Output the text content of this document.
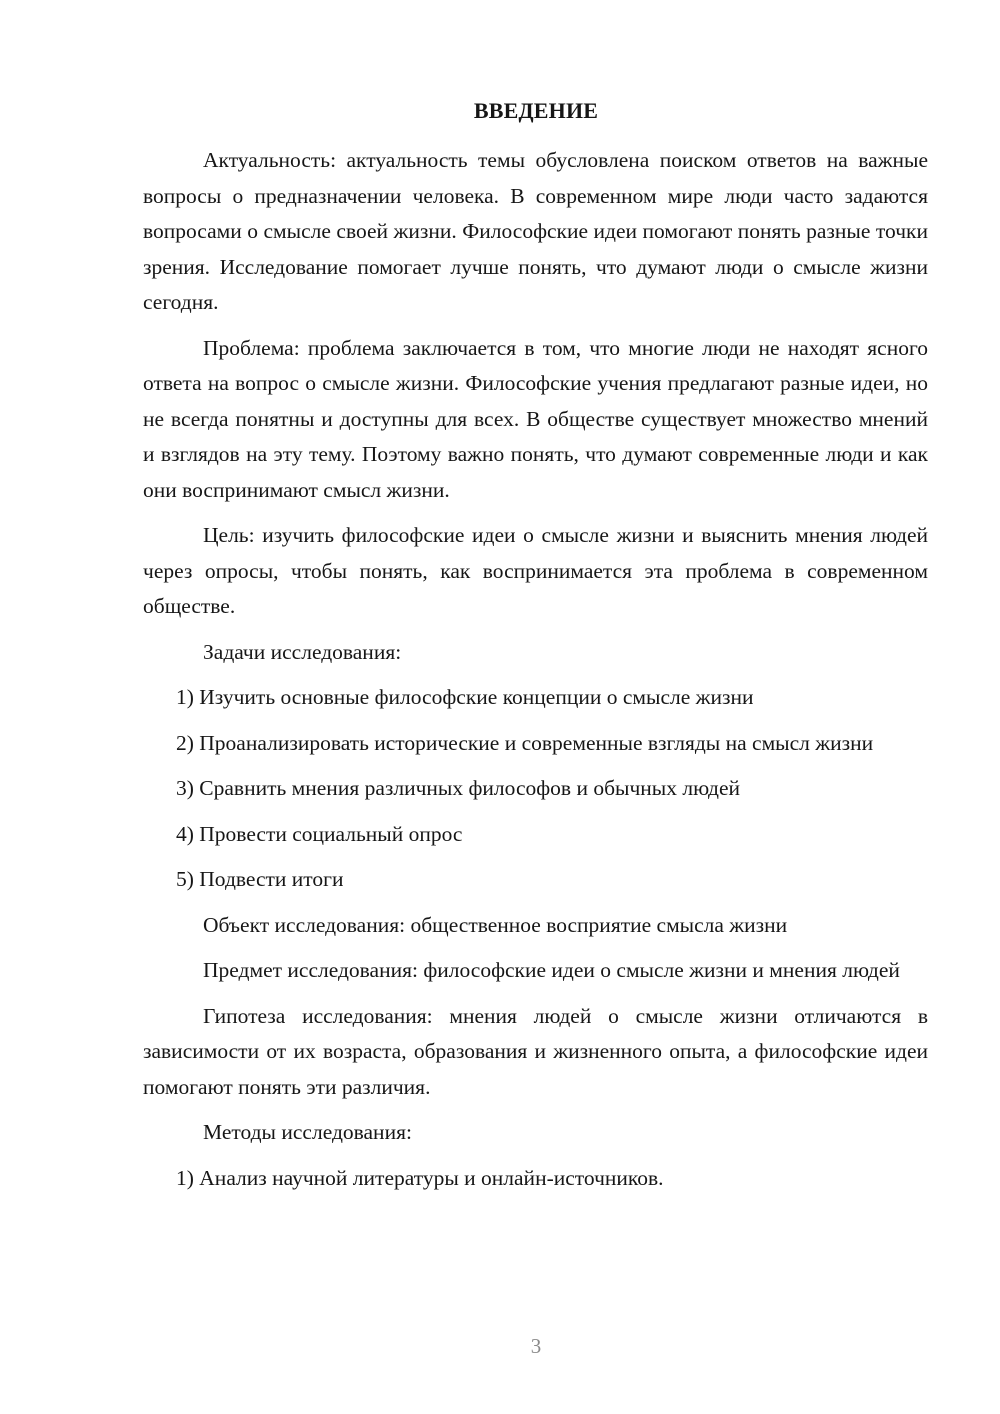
ВВЕДЕНИЕ

Актуальность: актуальность темы обусловлена поиском ответов на важные вопросы о предназначении человека. В современном мире люди часто задаются вопросами о смысле своей жизни. Философские идеи помогают понять разные точки зрения. Исследование помогает лучше понять, что думают люди о смысле жизни сегодня.

Проблема: проблема заключается в том, что многие люди не находят ясного ответа на вопрос о смысле жизни. Философские учения предлагают разные идеи, но не всегда понятны и доступны для всех. В обществе существует множество мнений и взглядов на эту тему. Поэтому важно понять, что думают современные люди и как они воспринимают смысл жизни.

Цель: изучить философские идеи о смысле жизни и выяснить мнения людей через опросы, чтобы понять, как воспринимается эта проблема в современном обществе.

Задачи исследования:

1) Изучить основные философские концепции о смысле жизни

2) Проанализировать исторические и современные взгляды на смысл жизни

3) Сравнить мнения различных философов и обычных людей

4) Провести социальный опрос

5) Подвести итоги

Объект исследования: общественное восприятие смысла жизни

Предмет исследования: философские идеи о смысле жизни и мнения людей

Гипотеза исследования: мнения людей о смысле жизни отличаются в зависимости от их возраста, образования и жизненного опыта, а философские идеи помогают понять эти различия.

Методы исследования:

1) Анализ научной литературы и онлайн-источников.

3
